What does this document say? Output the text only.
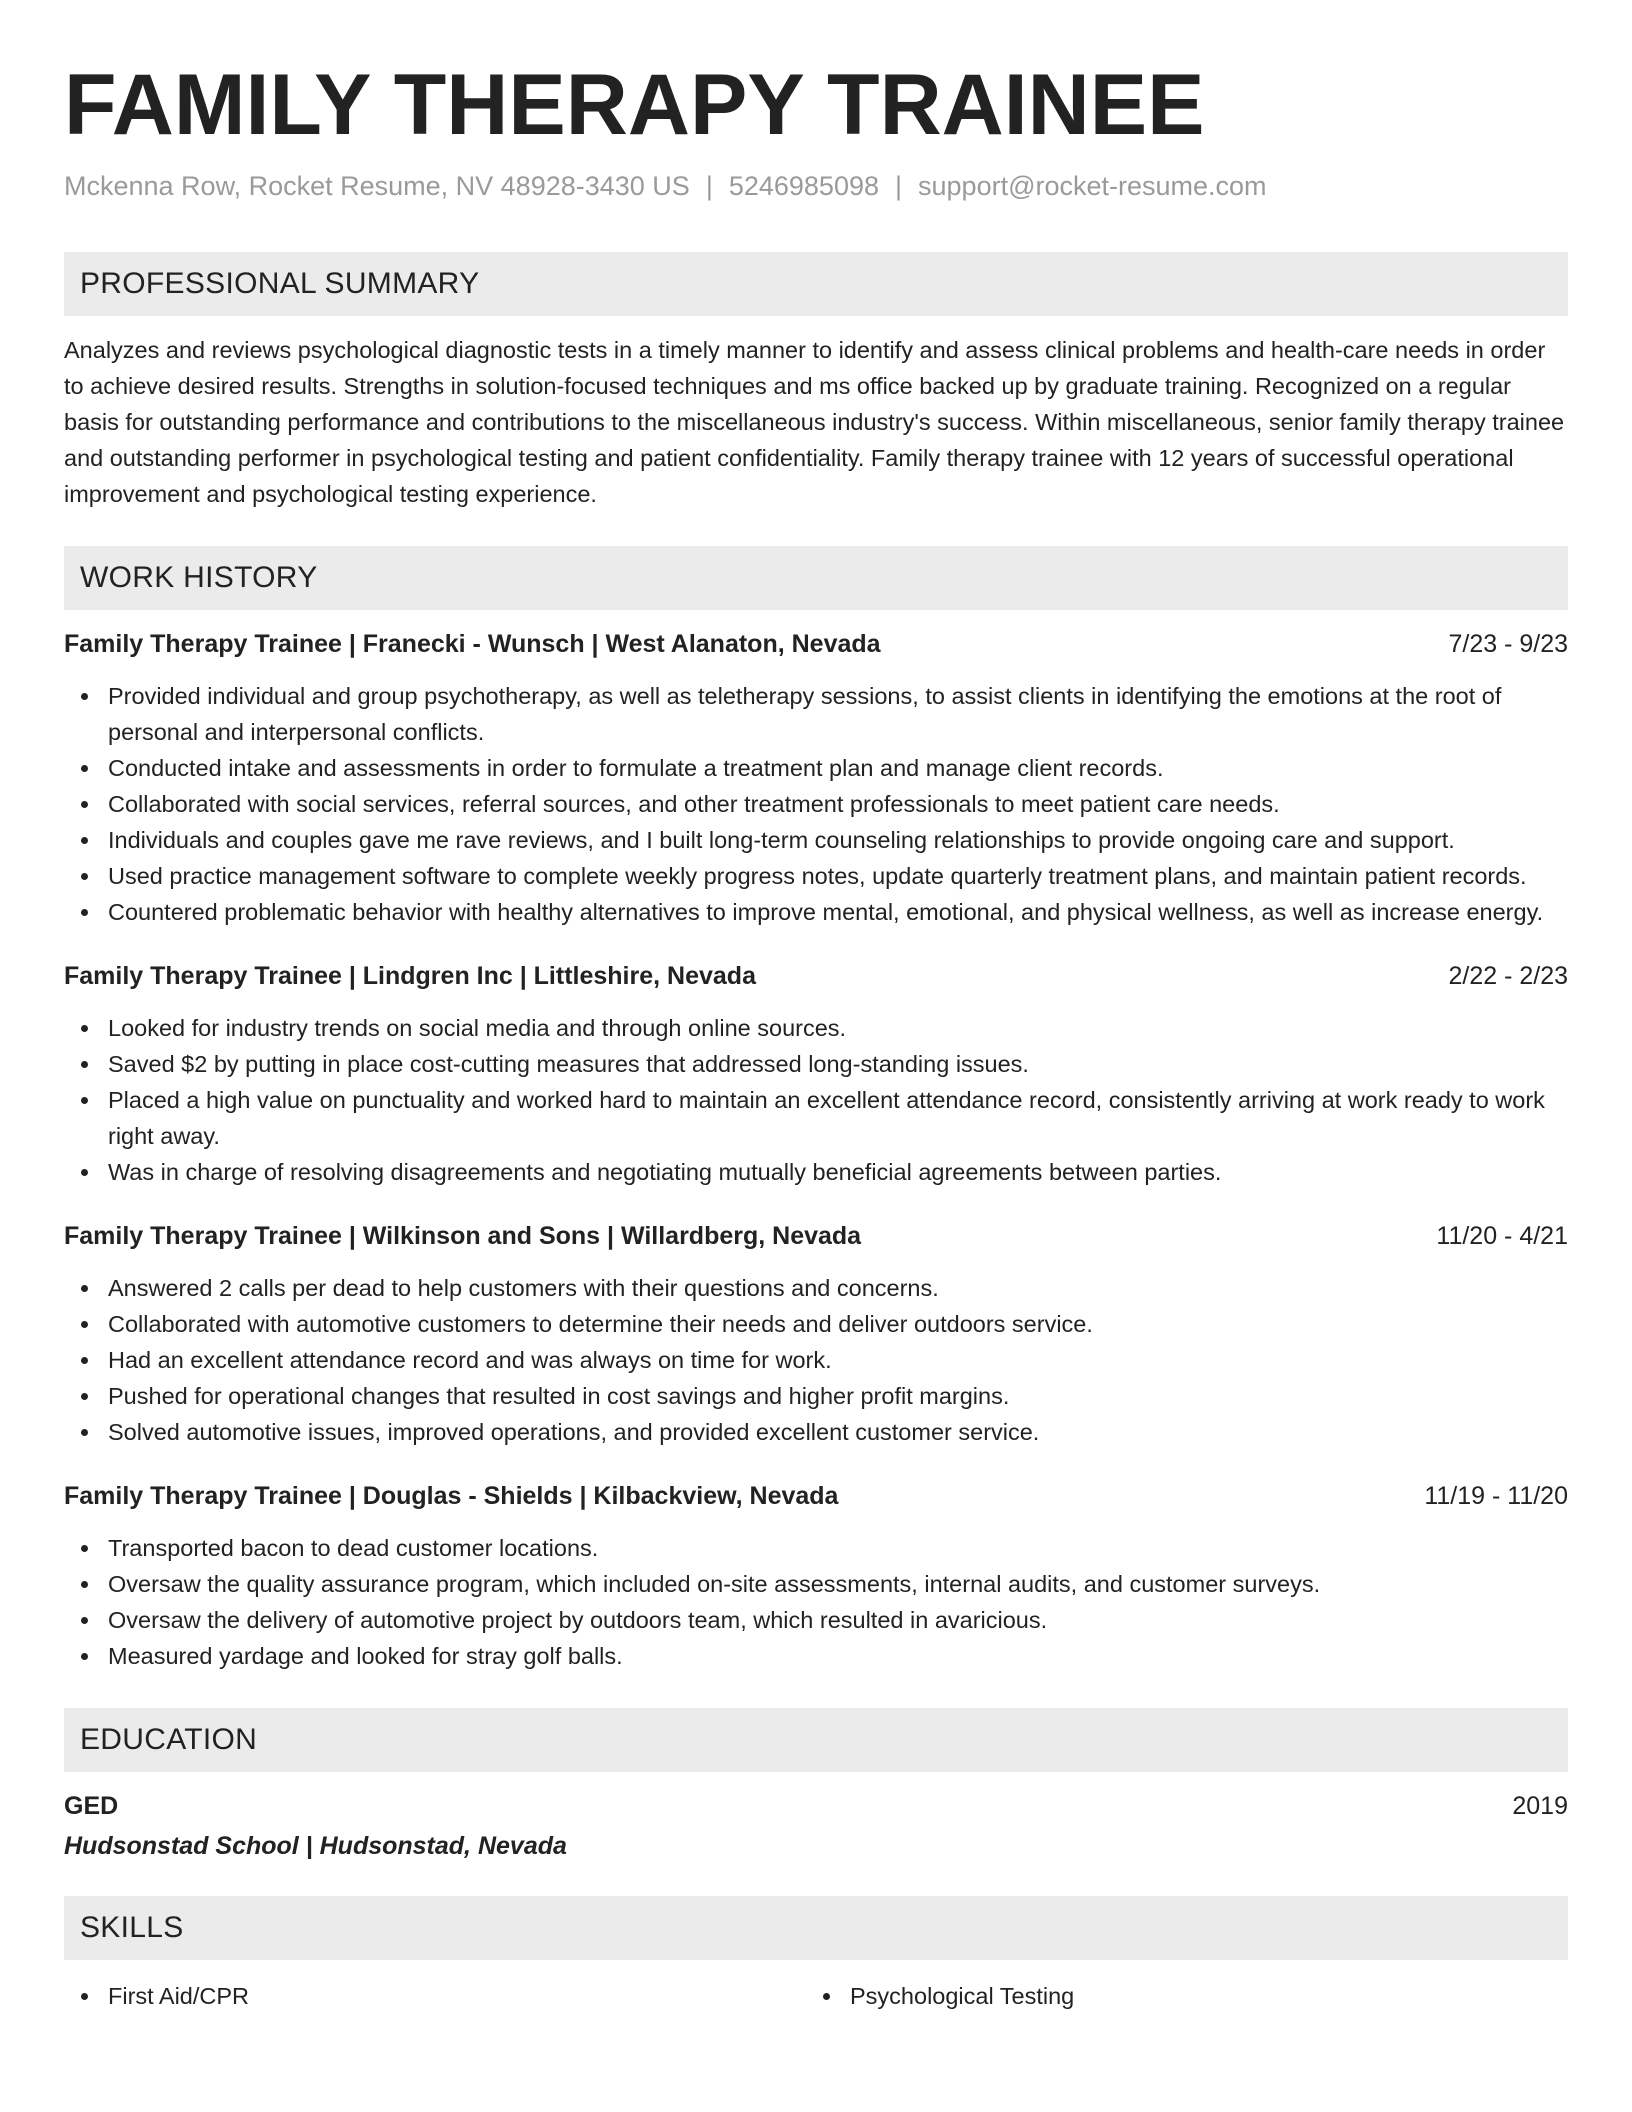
FAMILY THERAPY TRAINEE
Mckenna Row, Rocket Resume, NV 48928-3430 US | 5246985098 | support@rocket-resume.com
PROFESSIONAL SUMMARY

Analyzes and reviews psychological diagnostic tests in a timely manner to identify and assess clinical problems and health-care needs in order to achieve desired results. Strengths in solution-focused techniques and ms office backed up by graduate training. Recognized on a regular basis for outstanding performance and contributions to the miscellaneous industry's success. Within miscellaneous, senior family therapy trainee and outstanding performer in psychological testing and patient confidentiality. Family therapy trainee with 12 years of successful operational improvement and psychological testing experience.

WORK HISTORY
Family Therapy Trainee | Franecki - Wunsch | West Alanaton, Nevada	7/23 - 9/23
Provided individual and group psychotherapy, as well as teletherapy sessions, to assist clients in identifying the emotions at the root of personal and interpersonal conflicts.
Conducted intake and assessments in order to formulate a treatment plan and manage client records.
Collaborated with social services, referral sources, and other treatment professionals to meet patient care needs.
Individuals and couples gave me rave reviews, and I built long-term counseling relationships to provide ongoing care and support.
Used practice management software to complete weekly progress notes, update quarterly treatment plans, and maintain patient records.
Countered problematic behavior with healthy alternatives to improve mental, emotional, and physical wellness, as well as increase energy.
Family Therapy Trainee | Lindgren Inc | Littleshire, Nevada	2/22 - 2/23
Looked for industry trends on social media and through online sources.
Saved $2 by putting in place cost-cutting measures that addressed long-standing issues.
Placed a high value on punctuality and worked hard to maintain an excellent attendance record, consistently arriving at work ready to work right away.
Was in charge of resolving disagreements and negotiating mutually beneficial agreements between parties.
Family Therapy Trainee | Wilkinson and Sons | Willardberg, Nevada	11/20 - 4/21
Answered 2 calls per dead to help customers with their questions and concerns.
Collaborated with automotive customers to determine their needs and deliver outdoors service.
Had an excellent attendance record and was always on time for work.
Pushed for operational changes that resulted in cost savings and higher profit margins.
Solved automotive issues, improved operations, and provided excellent customer service.
Family Therapy Trainee | Douglas - Shields | Kilbackview, Nevada	11/19 - 11/20
Transported bacon to dead customer locations.
Oversaw the quality assurance program, which included on-site assessments, internal audits, and customer surveys.
Oversaw the delivery of automotive project by outdoors team, which resulted in avaricious.
Measured yardage and looked for stray golf balls.
EDUCATION
GED	2019
Hudsonstad School | Hudsonstad, Nevada
SKILLS
First Aid/CPR	Psychological Testing
